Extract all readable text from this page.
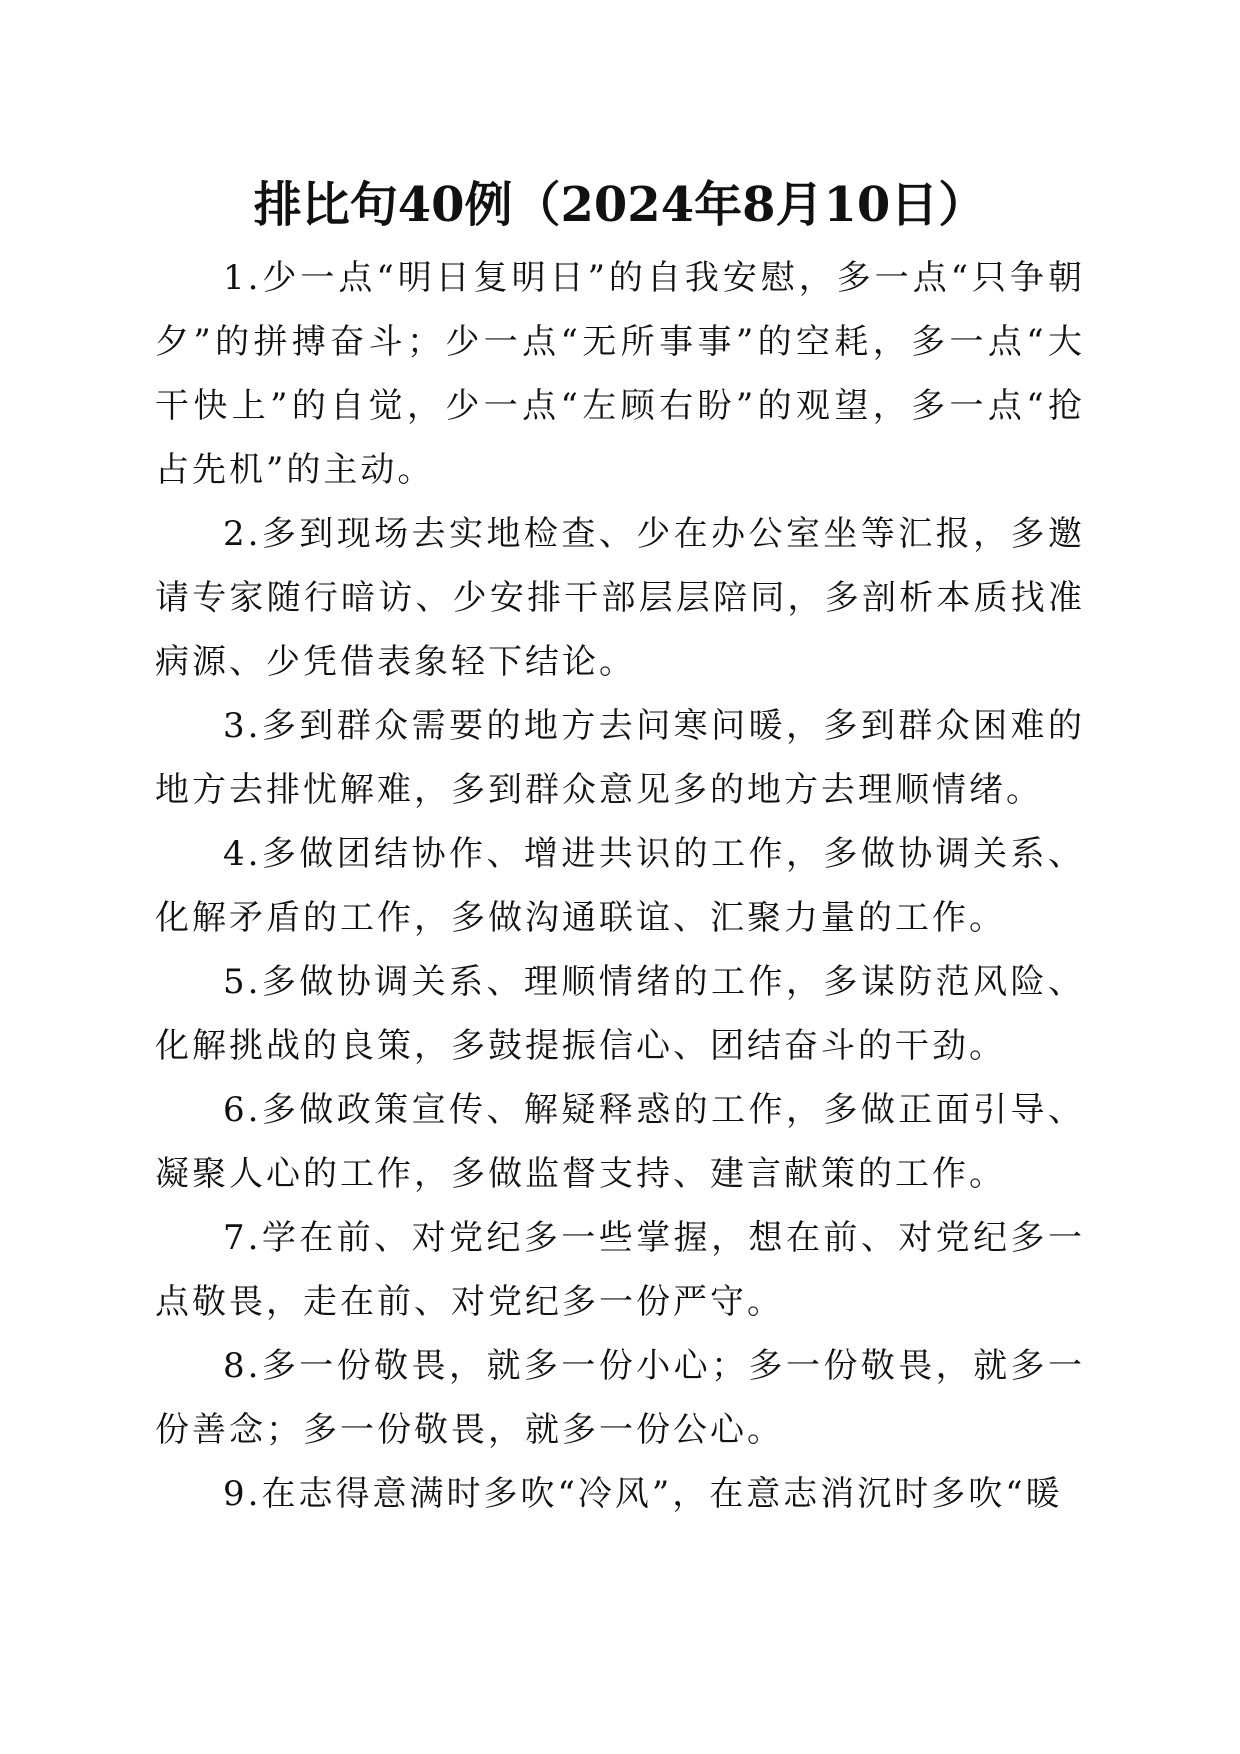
排比句40例（2024年8月10日）

1.少一点“明日复明日”的自我安慰，多一点“只争朝夕”的拼搏奋斗；少一点“无所事事”的空耗，多一点“大干快上”的自觉，少一点“左顾右盼”的观望，多一点“抢占先机”的主动。

2.多到现场去实地检查、少在办公室坐等汇报，多邀请专家随行暗访、少安排干部层层陪同，多剖析本质找准病源、少凭借表象轻下结论。

3.多到群众需要的地方去问寒问暖，多到群众困难的地方去排忧解难，多到群众意见多的地方去理顺情绪。

4.多做团结协作、增进共识的工作，多做协调关系、化解矛盾的工作，多做沟通联谊、汇聚力量的工作。

5.多做协调关系、理顺情绪的工作，多谋防范风险、化解挑战的良策，多鼓提振信心、团结奋斗的干劲。

6.多做政策宣传、解疑释惑的工作，多做正面引导、凝聚人心的工作，多做监督支持、建言献策的工作。

7.学在前、对党纪多一些掌握，想在前、对党纪多一点敬畏，走在前、对党纪多一份严守。

8.多一份敬畏，就多一份小心；多一份敬畏，就多一份善念；多一份敬畏，就多一份公心。

9.在志得意满时多吹“冷风”，在意志消沉时多吹“暖
